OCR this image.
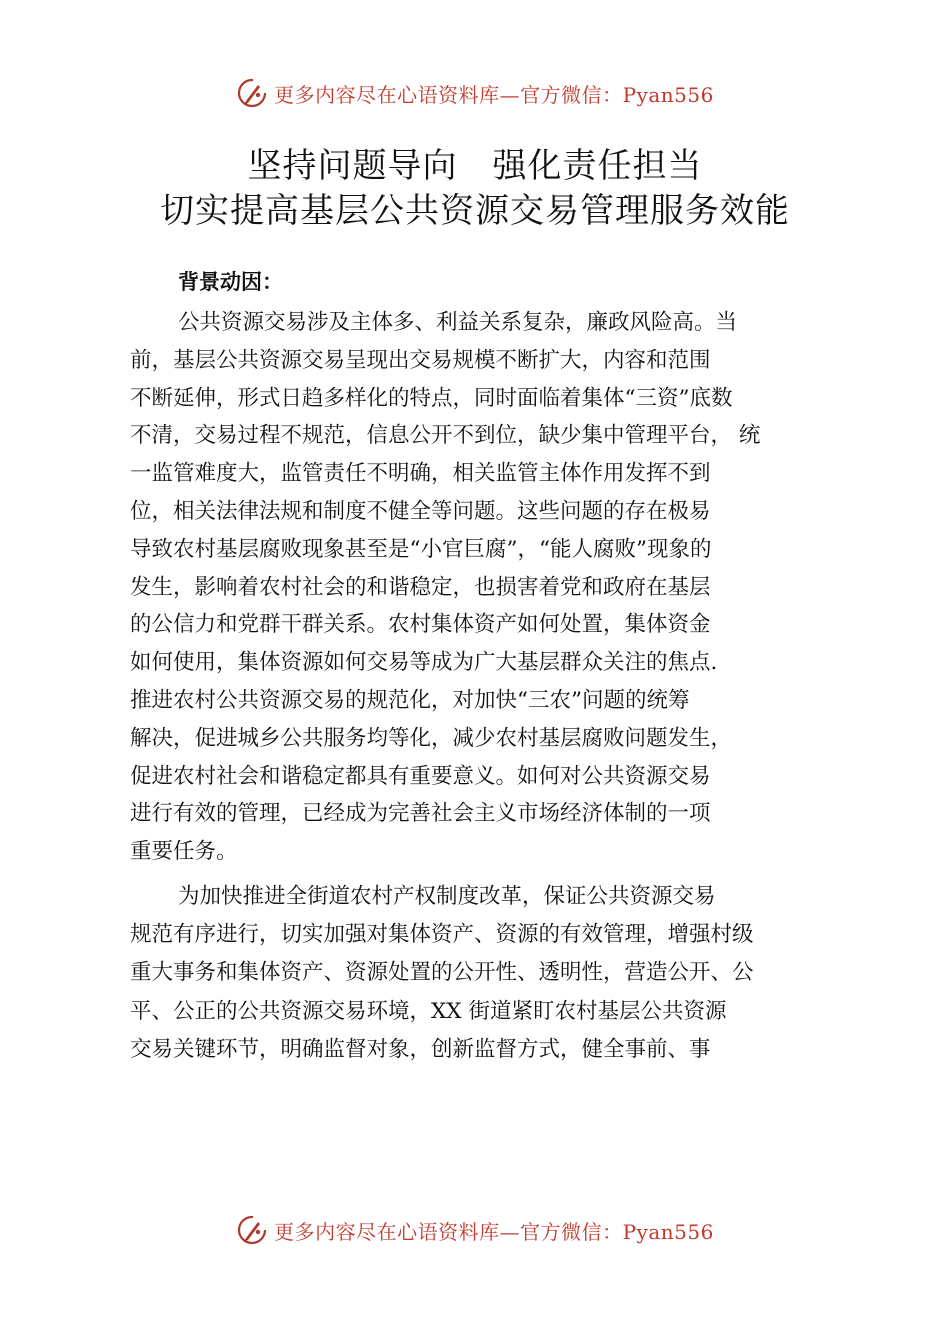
更多内容尽在心语资料库—官方微信：Pyan556
坚持问题导向　强化责任担当
切实提高基层公共资源交易管理服务效能
背景动因：
公共资源交易涉及主体多、利益关系复杂，廉政风险高。当
前，基层公共资源交易呈现出交易规模不断扩大，内容和范围
不断延伸，形式日趋多样化的特点，同时面临着集体“三资”底数
不清，交易过程不规范，信息公开不到位，缺少集中管理平台， 统
一监管难度大，监管责任不明确，相关监管主体作用发挥不到
位，相关法律法规和制度不健全等问题。这些问题的存在极易
导致农村基层腐败现象甚至是“小官巨腐”，“能人腐败”现象的
发生，影响着农村社会的和谐稳定，也损害着党和政府在基层
的公信力和党群干群关系。农村集体资产如何处置，集体资金
如何使用，集体资源如何交易等成为广大基层群众关注的焦点.
推进农村公共资源交易的规范化，对加快“三农”问题的统筹
解决，促进城乡公共服务均等化，减少农村基层腐败问题发生，
促进农村社会和谐稳定都具有重要意义。如何对公共资源交易
进行有效的管理，已经成为完善社会主义市场经济体制的一项
重要任务。
为加快推进全街道农村产权制度改革，保证公共资源交易
规范有序进行，切实加强对集体资产、资源的有效管理，增强村级
重大事务和集体资产、资源处置的公开性、透明性，营造公开、公
平、公正的公共资源交易环境，XX 街道紧盯农村基层公共资源
交易关键环节，明确监督对象，创新监督方式，健全事前、事
更多内容尽在心语资料库—官方微信：Pyan556
